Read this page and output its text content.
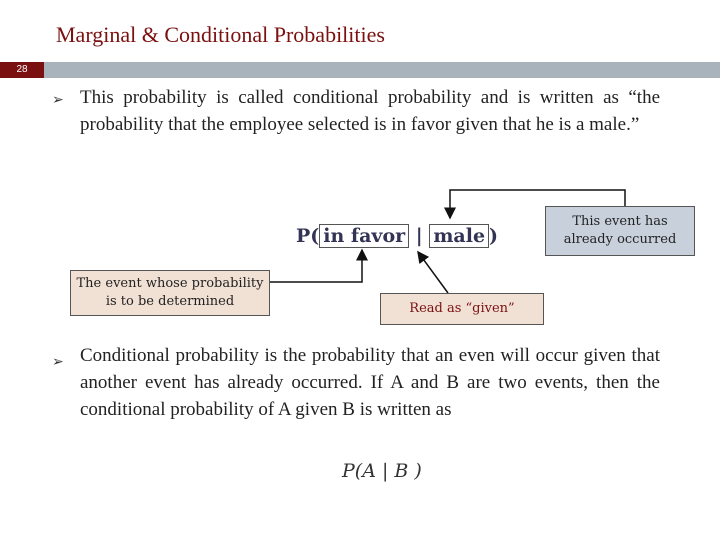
Marginal & Conditional Probabilities
28
➢ This probability is called conditional probability and is written as “the probability that the employee selected is in favor given that he is a male.”
P( in favor | male )
The event whose probability is to be determined	Read as “given”
This event has already occurred
➢ Conditional probability is the probability that an even will occur given that another event has already occurred. If A and B are two events, then the conditional probability of A given B is written as
P(A | B )
